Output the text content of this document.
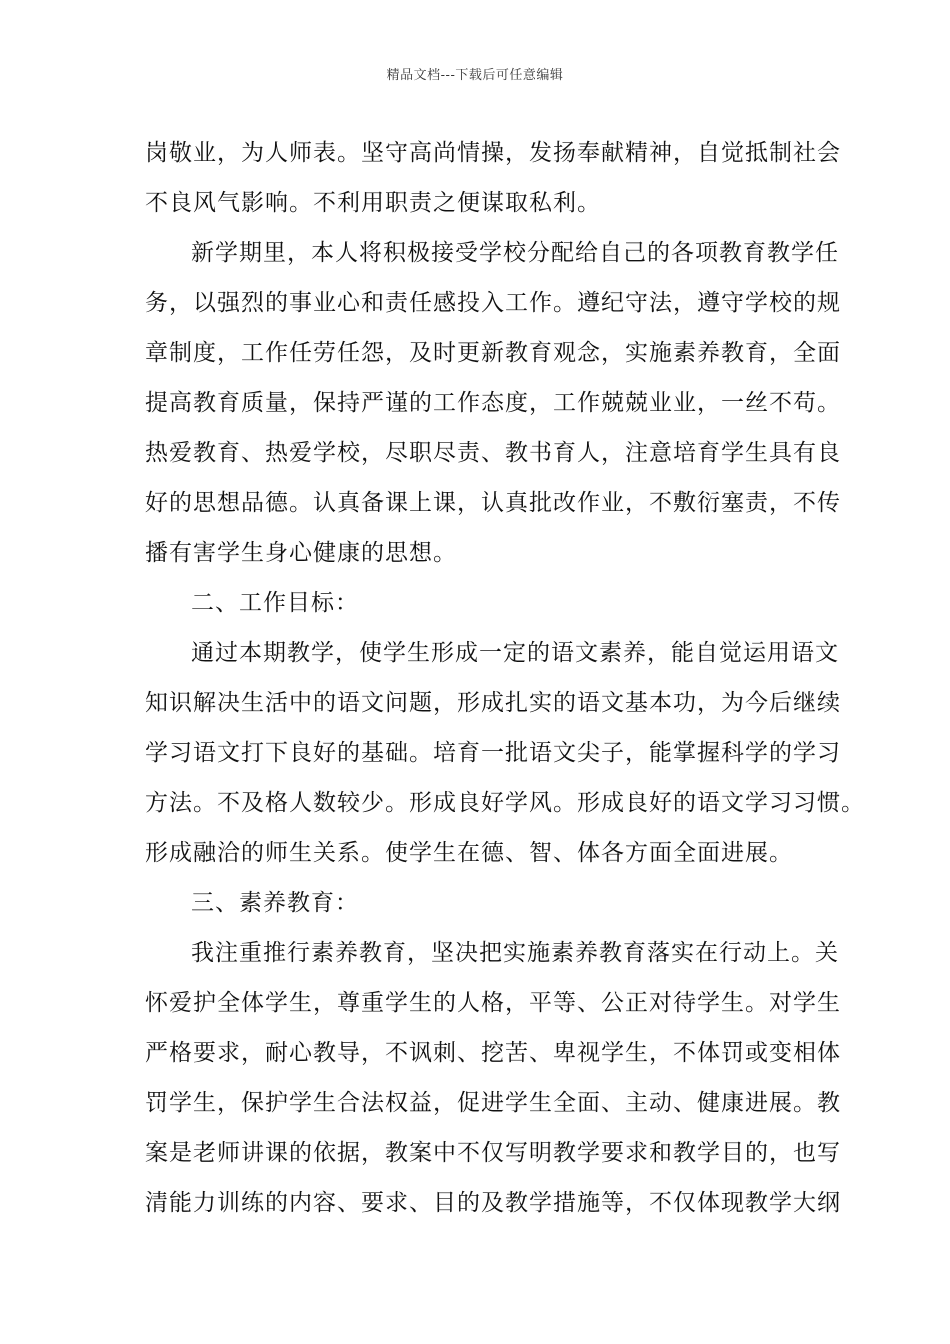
精品文档---下载后可任意编辑
岗敬业，为人师表。坚守高尚情操，发扬奉献精神，自觉抵制社会
不良风气影响。不利用职责之便谋取私利。
新学期里，本人将积极接受学校分配给自己的各项教育教学任
务，以强烈的事业心和责任感投入工作。遵纪守法，遵守学校的规
章制度，工作任劳任怨，及时更新教育观念，实施素养教育，全面
提高教育质量，保持严谨的工作态度，工作兢兢业业，一丝不苟。
热爱教育、热爱学校，尽职尽责、教书育人，注意培育学生具有良
好的思想品德。认真备课上课，认真批改作业，不敷衍塞责，不传
播有害学生身心健康的思想。
二、工作目标：
通过本期教学，使学生形成一定的语文素养，能自觉运用语文
知识解决生活中的语文问题，形成扎实的语文基本功，为今后继续
学习语文打下良好的基础。培育一批语文尖子，能掌握科学的学习
方法。不及格人数较少。形成良好学风。形成良好的语文学习习惯。
形成融洽的师生关系。使学生在德、智、体各方面全面进展。
三、素养教育：
我注重推行素养教育，坚决把实施素养教育落实在行动上。关
怀爱护全体学生，尊重学生的人格，平等、公正对待学生。对学生
严格要求，耐心教导，不讽刺、挖苦、卑视学生，不体罚或变相体
罚学生，保护学生合法权益，促进学生全面、主动、健康进展。教
案是老师讲课的依据，教案中不仅写明教学要求和教学目的，也写
清能力训练的内容、要求、目的及教学措施等，不仅体现教学大纲
